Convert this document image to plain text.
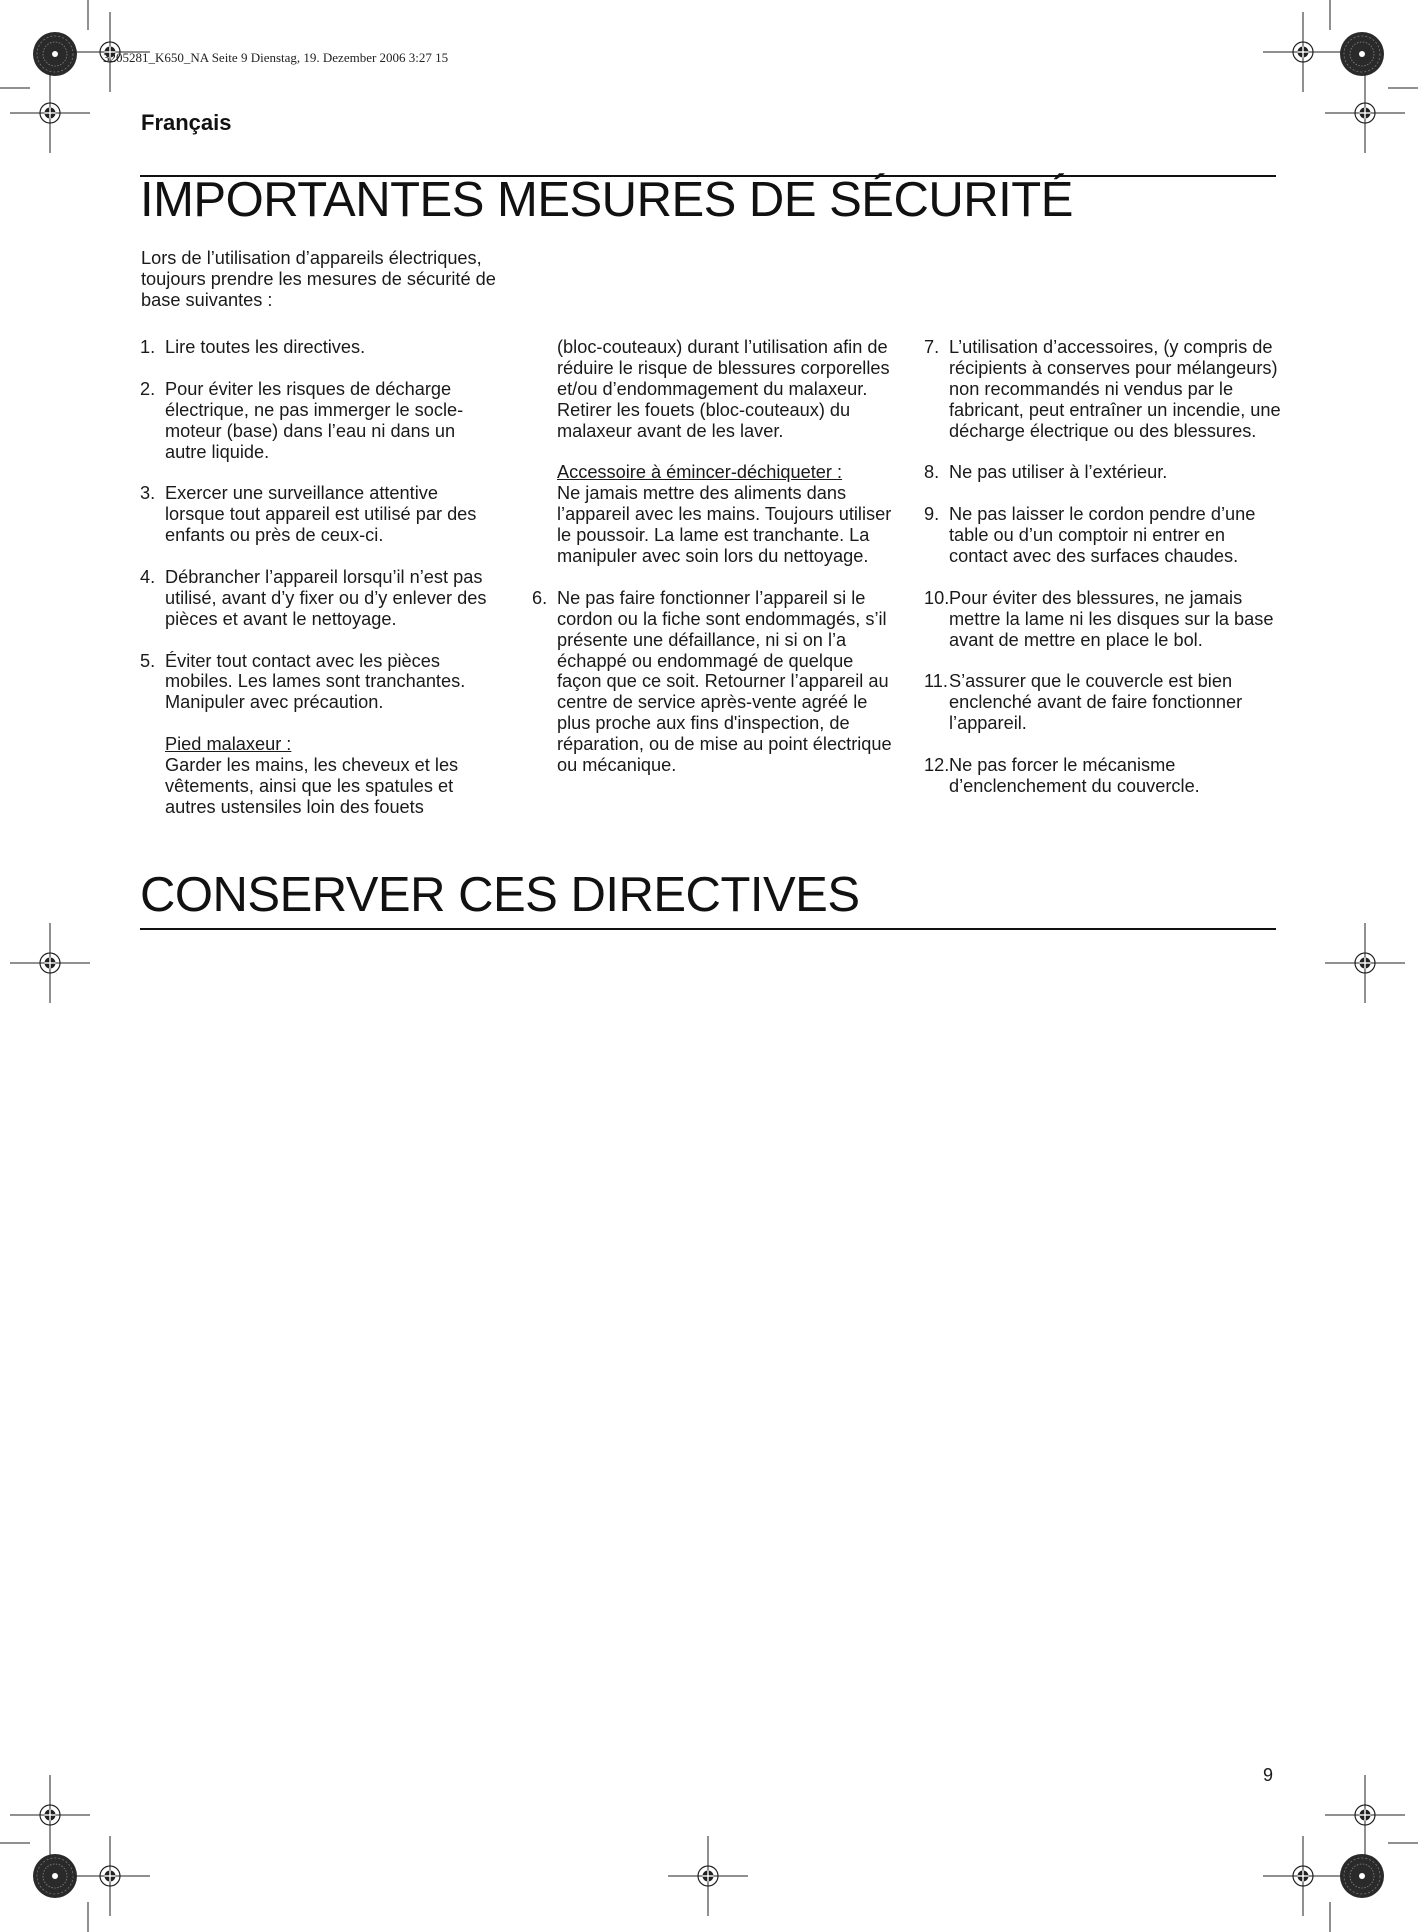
3205281_K650_NA Seite 9 Dienstag, 19. Dezember 2006 3:27 15
Français
IMPORTANTES MESURES DE SÉCURITÉ
Lors de l’utilisation d’appareils électriques, toujours prendre les mesures de sécurité de base suivantes :
1. Lire toutes les directives.
2. Pour éviter les risques de décharge électrique, ne pas immerger le socle-moteur (base) dans l’eau ni dans un autre liquide.
3. Exercer une surveillance attentive lorsque tout appareil est utilisé par des enfants ou près de ceux-ci.
4. Débrancher l’appareil lorsqu’il n’est pas utilisé, avant d’y fixer ou d’y enlever des pièces et avant le nettoyage.
5. Éviter tout contact avec les pièces mobiles. Les lames sont tranchantes. Manipuler avec précaution.
Pied malaxeur :
Garder les mains, les cheveux et les vêtements, ainsi que les spatules et autres ustensiles loin des fouets
(bloc-couteaux) durant l’utilisation afin de réduire le risque de blessures corporelles et/ou d’endommagement du malaxeur. Retirer les fouets (bloc-couteaux) du malaxeur avant de les laver.
Accessoire à émincer-déchiqueter :
Ne jamais mettre des aliments dans l’appareil avec les mains. Toujours utiliser le poussoir. La lame est tranchante. La manipuler avec soin lors du nettoyage.
6. Ne pas faire fonctionner l’appareil si le cordon ou la fiche sont endommagés, s’il présente une défaillance, ni si on l’a échappé ou endommagé de quelque façon que ce soit. Retourner l’appareil au centre de service après-vente agréé le plus proche aux fins d'inspection, de réparation, ou de mise au point électrique ou mécanique.
7. L’utilisation d’accessoires, (y compris de récipients à conserves pour mélangeurs) non recommandés ni vendus par le fabricant, peut entraîner un incendie, une décharge électrique ou des blessures.
8. Ne pas utiliser à l’extérieur.
9. Ne pas laisser le cordon pendre d’une table ou d’un comptoir ni entrer en contact avec des surfaces chaudes.
10. Pour éviter des blessures, ne jamais mettre la lame ni les disques sur la base avant de mettre en place le bol.
11. S’assurer que le couvercle est bien enclenché avant de faire fonctionner l’appareil.
12. Ne pas forcer le mécanisme d’enclenchement du couvercle.
CONSERVER CES DIRECTIVES
9
